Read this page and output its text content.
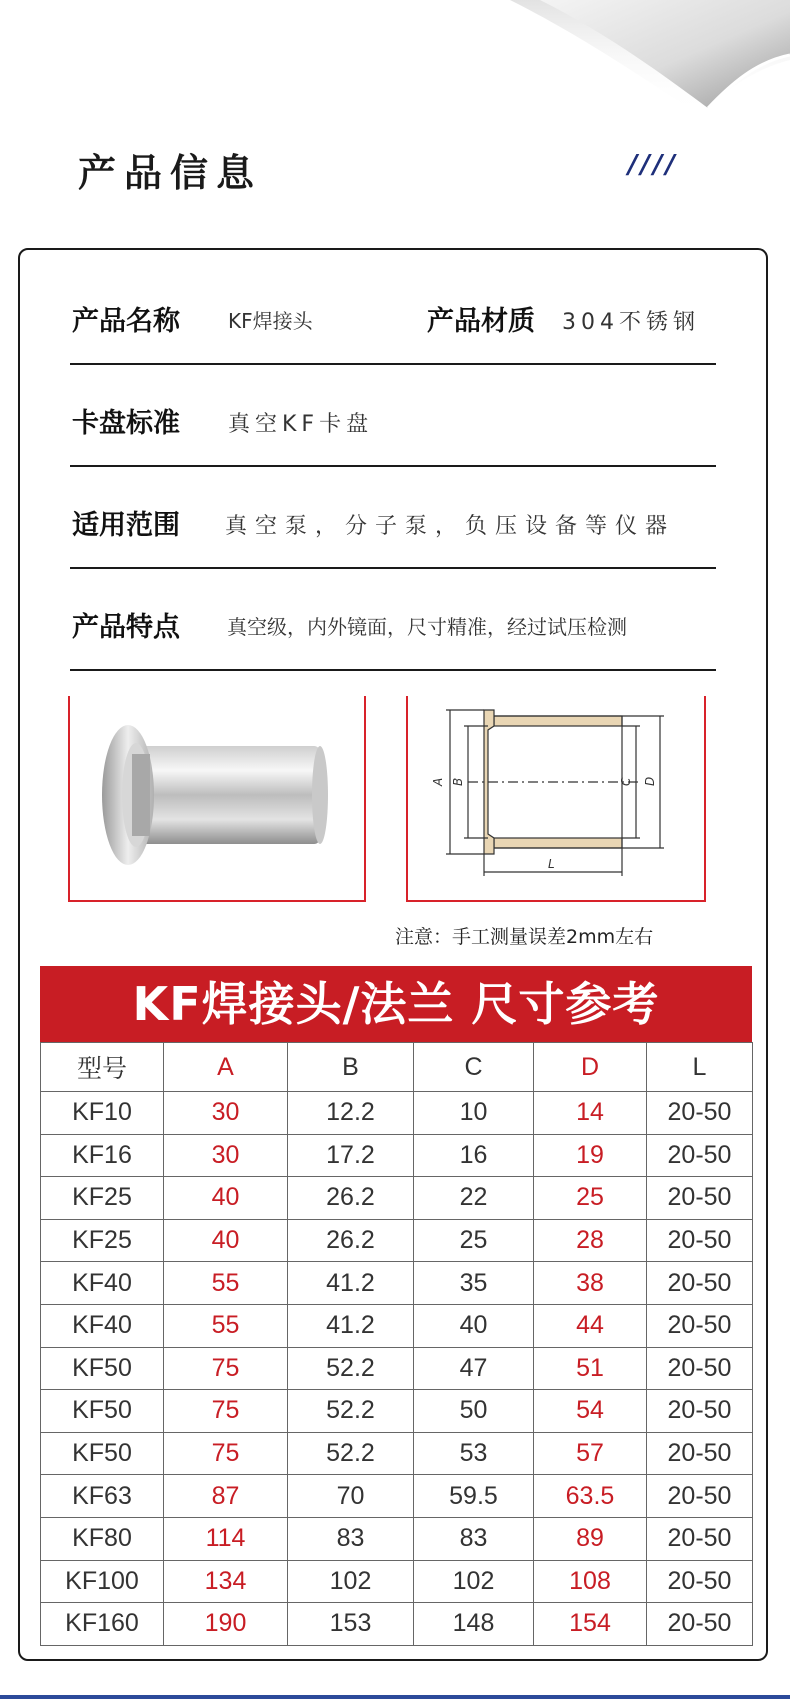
产品信息	////
产品名称 KF焊接头	产品材质 304不锈钢
卡盘标准 真空KF卡盘
适用范围 真空泵，分子泵，负压设备等仪器
产品特点 真空级，内外镜面，尺寸精准，经过试压检测
A B	C D
L
注意：手工测量误差2mm左右
KF焊接头/法兰 尺寸参考
型号	A	B	C	D	L
KF10	30	12.2	10	14	20-50
KF16	30	17.2	16	19	20-50
KF25	40	26.2	22	25	20-50
KF25	40	26.2	25	28	20-50
KF40	55	41.2	35	38	20-50
KF40	55	41.2	40	44	20-50
KF50	75	52.2	47	51	20-50
KF50	75	52.2	50	54	20-50
KF50	75	52.2	53	57	20-50
KF63	87	70	59.5	63.5	20-50
KF80	114	83	83	89	20-50
KF100	134	102	102	108	20-50
KF160	190	153	148	154	20-50
